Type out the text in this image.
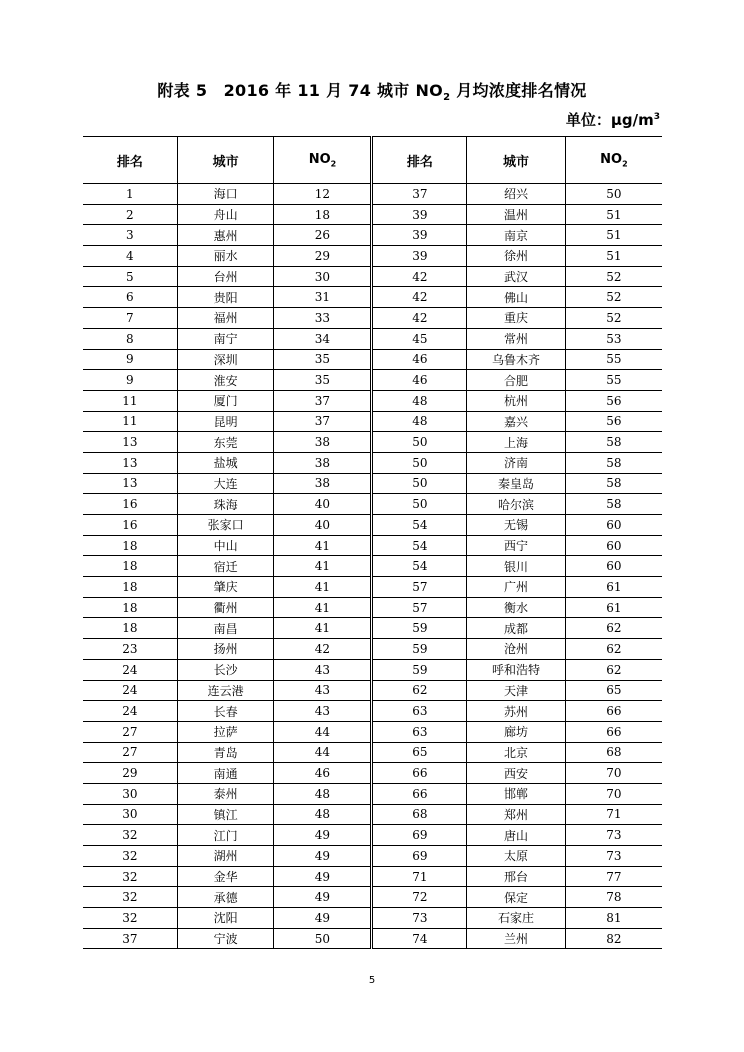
附表 5　2016 年 11 月 74 城市 $NO_2$ 月均浓度排名情况
单位：$\mu g/m^3$
排名	城市	$NO_2$	排名	城市	$NO_2$
1	海口	12	37	绍兴	50
2	舟山	18	39	温州	51
3	惠州	26	39	南京	51
4	丽水	29	39	徐州	51
5	台州	30	42	武汉	52
6	贵阳	31	42	佛山	52
7	福州	33	42	重庆	52
8	南宁	34	45	常州	53
9	深圳	35	46	乌鲁木齐	55
9	淮安	35	46	合肥	55
11	厦门	37	48	杭州	56
11	昆明	37	48	嘉兴	56
13	东莞	38	50	上海	58
13	盐城	38	50	济南	58
13	大连	38	50	秦皇岛	58
16	珠海	40	50	哈尔滨	58
16	张家口	40	54	无锡	60
18	中山	41	54	西宁	60
18	宿迁	41	54	银川	60
18	肇庆	41	57	广州	61
18	衢州	41	57	衡水	61
18	南昌	41	59	成都	62
23	扬州	42	59	沧州	62
24	长沙	43	59	呼和浩特	62
24	连云港	43	62	天津	65
24	长春	43	63	苏州	66
27	拉萨	44	63	廊坊	66
27	青岛	44	65	北京	68
29	南通	46	66	西安	70
30	泰州	48	66	邯郸	70
30	镇江	48	68	郑州	71
32	江门	49	69	唐山	73
32	湖州	49	69	太原	73
32	金华	49	71	邢台	77
32	承德	49	72	保定	78
32	沈阳	49	73	石家庄	81
37	宁波	50	74	兰州	82
5
